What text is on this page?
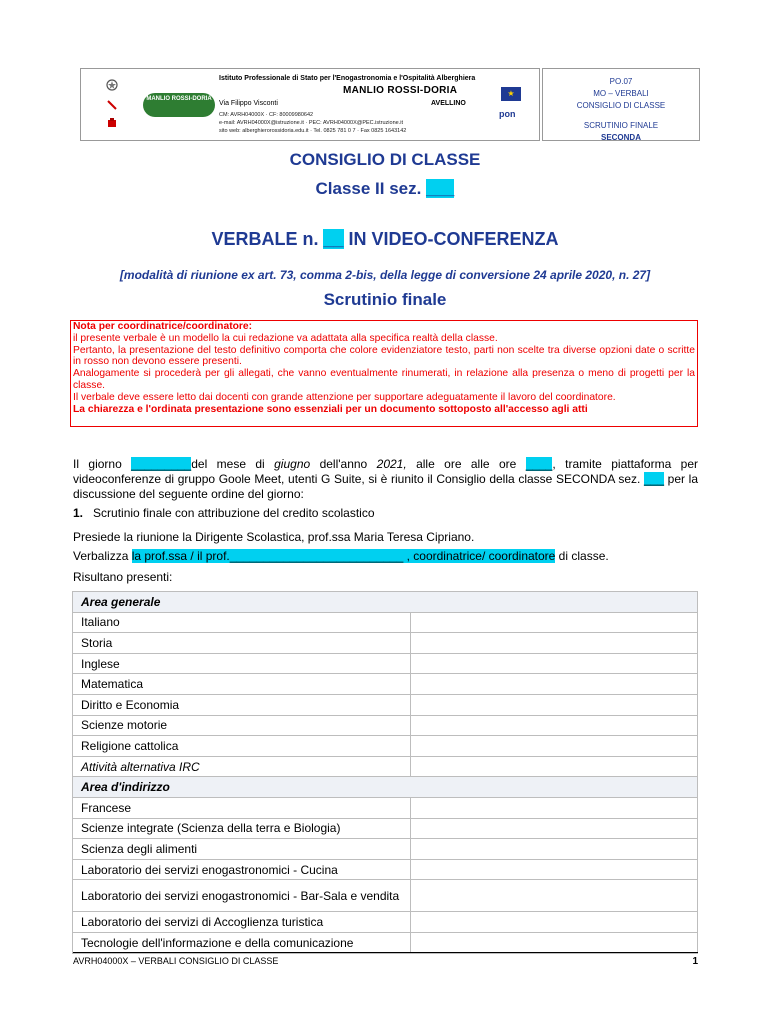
MANLIO ROSSI-DORIA
Istituto Professionale di Stato per l'Enogastronomia e l'Ospitalità Alberghiera
MANLIO ROSSI-DORIA
Via Filippo Visconti	AVELLINO
CM: AVRH04000X · CF: 80009980642
e-mail: AVRH04000X@istruzione.it · PEC: AVRH04000X@PEC.istruzione.it
sito web: alberghierorossidoria.edu.it · Tel. 0825 781 0 7 · Fax 0825 1643142
★
pon
PO.07
MO – VERBALI
CONSIGLIO DI CLASSE
SCRUTINIO FINALE
SECONDA
CONSIGLIO DI CLASSE
Classe II sez. ___
VERBALE n. __ IN VIDEO-CONFERENZA
[modalità di riunione ex art. 73, comma 2-bis, della legge di conversione 24 aprile 2020, n. 27]
Scrutinio finale
Nota per coordinatrice/coordinatore:
il presente verbale è un modello la cui redazione va adattata alla specifica realtà della classe.
Pertanto, la presentazione del testo definitivo comporta che colore evidenziatore testo, parti non scelte tra diverse opzioni date o scritte in rosso non devono essere presenti.
Analogamente si procederà per gli allegati, che vanno eventualmente rinumerati, in relazione alla presenza o meno di progetti per la classe.
Il verbale deve essere letto dai docenti con grande attenzione per supportare adeguatamente il lavoro del coordinatore.
La chiarezza e l'ordinata presentazione sono essenziali per un documento sottoposto all'accesso agli atti
Il giorno _________del mese di giugno dell'anno 2021, alle ore alle ore ____, tramite piattaforma per videoconferenze di gruppo Goole Meet, utenti G Suite, si è riunito il Consiglio della classe SECONDA sez. ___ per la discussione del seguente ordine del giorno:
1. Scrutinio finale con attribuzione del credito scolastico
Presiede la riunione la Dirigente Scolastica, prof.ssa Maria Teresa Cipriano.
Verbalizza la prof.ssa / il prof.__________________________ , coordinatrice/ coordinatore di classe.
Risultano presenti:
Area generale	
Italiano	
Storia	
Inglese	
Matematica	
Diritto e Economia	
Scienze motorie	
Religione cattolica	
Attività alternativa IRC	
Area d'indirizzo	
Francese	
Scienze integrate (Scienza della terra e Biologia)	
Scienza degli alimenti	
Laboratorio dei servizi enogastronomici - Cucina	
Laboratorio dei servizi enogastronomici - Bar-Sala e vendita	
Laboratorio dei servizi di Accoglienza turistica	
Tecnologie dell'informazione e della comunicazione	
AVRH04000X – VERBALI CONSIGLIO DI CLASSE	1
